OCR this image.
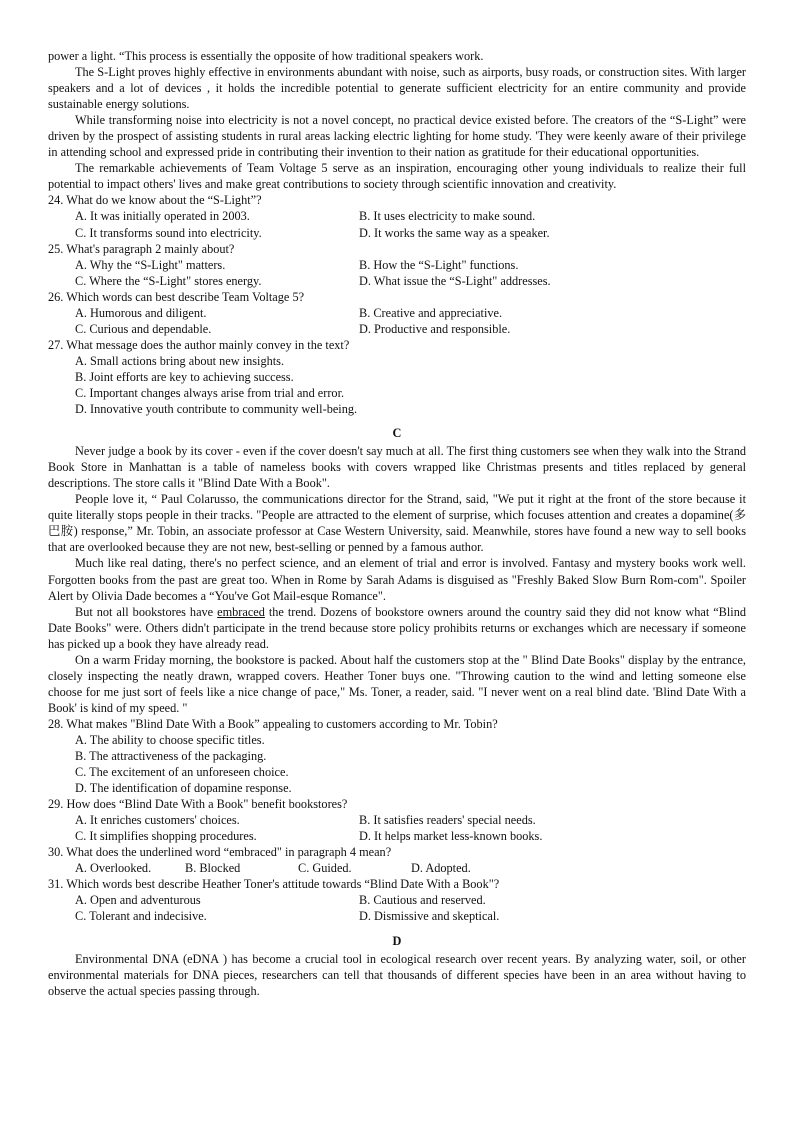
power a light. “This process is essentially the opposite of how traditional speakers work.

The S-Light proves highly effective in environments abundant with noise, such as airports, busy roads, or construction sites. With larger speakers and a lot of devices , it holds the incredible potential to generate sufficient electricity for an entire community and provide sustainable energy solutions.

While transforming noise into electricity is not a novel concept, no practical device existed before. The creators of the “S-Light” were driven by the prospect of assisting students in rural areas lacking electric lighting for home study. 'They were keenly aware of their privilege in attending school and expressed pride in contributing their invention to their nation as gratitude for their educational opportunities.

The remarkable achievements of Team Voltage 5 serve as an inspiration, encouraging other young individuals to realize their full potential to impact others' lives and make great contributions to society through scientific innovation and creativity.

24. What do we know about the “S-Light”?
A. It was initially operated in 2003.	B. It uses electricity to make sound.
C. It transforms sound into electricity.	D. It works the same way as a speaker.
25. What's paragraph 2 mainly about?
A. Why the “S-Light" matters.	B. How the “S-Light" functions.
C. Where the “S-Light" stores energy.	D. What issue the “S-Light" addresses.
26. Which words can best describe Team Voltage 5?
A. Humorous and diligent.	B. Creative and appreciative.
C. Curious and dependable.	D. Productive and responsible.
27. What message does the author mainly convey in the text?
A. Small actions bring about new insights.
B. Joint efforts are key to achieving success.
C. Important changes always arise from trial and error.
D. Innovative youth contribute to community well-being.
C

Never judge a book by its cover - even if the cover doesn't say much at all. The first thing customers see when they walk into the Strand Book Store in Manhattan is a table of nameless books with covers wrapped like Christmas presents and titles replaced by general descriptions. The store calls it "Blind Date With a Book".

People love it, “ Paul Colarusso, the communications director for the Strand, said, "We put it right at the front of the store because it quite literally stops people in their tracks. "People are attracted to the element of surprise, which focuses attention and creates a dopamine(多巴胺) response,” Mr. Tobin, an associate professor at Case Western University, said. Meanwhile, stores have found a new way to sell books that are overlooked because they are not new, best-selling or penned by a famous author.

Much like real dating, there's no perfect science, and an element of trial and error is involved. Fantasy and mystery books work well. Forgotten books from the past are great too. When in Rome by Sarah Adams is disguised as "Freshly Baked Slow Burn Rom-com". Spoiler Alert by Olivia Dade becomes a “You've Got Mail-esque Romance".

But not all bookstores have embraced the trend. Dozens of bookstore owners around the country said they did not know what “Blind Date Books" were. Others didn't participate in the trend because store policy prohibits returns or exchanges which are necessary if someone has picked up a book they have already read.

On a warm Friday morning, the bookstore is packed. About half the customers stop at the " Blind Date Books" display by the entrance, closely inspecting the neatly drawn, wrapped covers. Heather Toner buys one. "Throwing caution to the wind and letting someone else choose for me just sort of feels like a nice change of pace," Ms. Toner, a reader, said. "I never went on a real blind date. 'Blind Date With a Book' is kind of my speed. "

28. What makes "Blind Date With a Book” appealing to customers according to Mr. Tobin?
A. The ability to choose specific titles.
B. The attractiveness of the packaging.
C. The excitement of an unforeseen choice.
D. The identification of dopamine response.
29. How does “Blind Date With a Book" benefit bookstores?
A. It enriches customers' choices.	B. It satisfies readers' special needs.
C. It simplifies shopping procedures.	D. It helps market less-known books.
30. What does the underlined word “embraced" in paragraph 4 mean?
A. Overlooked.	B. Blocked	C. Guided.	D. Adopted.
31. Which words best describe Heather Toner's attitude towards “Blind Date With a Book"?
A. Open and adventurous	B. Cautious and reserved.
C. Tolerant and indecisive.	D. Dismissive and skeptical.
D

Environmental DNA (eDNA ) has become a crucial tool in ecological research over recent years. By analyzing water, soil, or other environmental materials for DNA pieces, researchers can tell that thousands of different species have been in an area without having to observe the actual species passing through.
